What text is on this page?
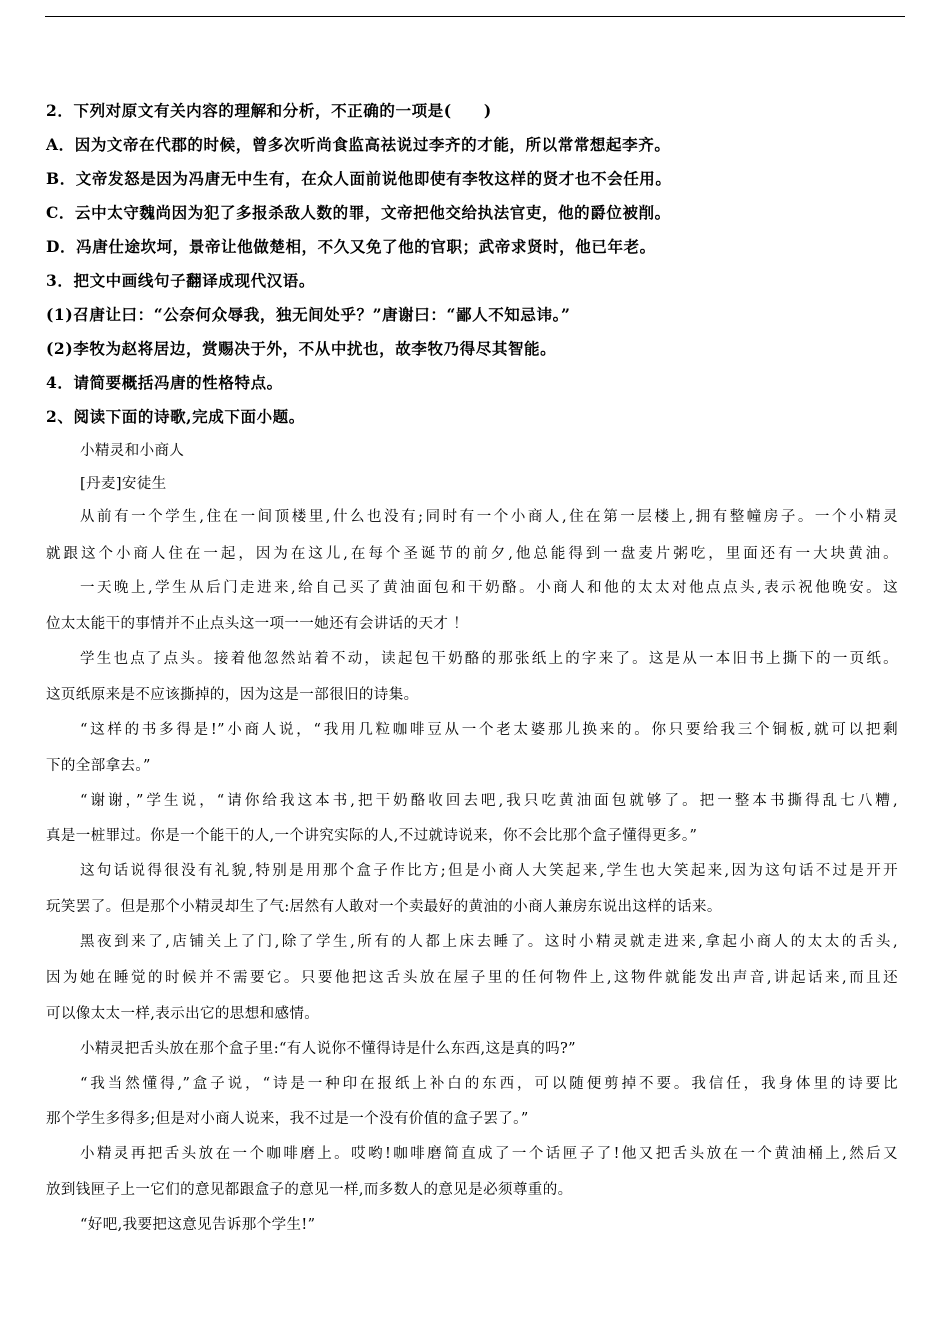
2．下列对原文有关内容的理解和分析，不正确的一项是(　　)
A．因为文帝在代郡的时候，曾多次听尚食监高祛说过李齐的才能，所以常常想起李齐。
B．文帝发怒是因为冯唐无中生有，在众人面前说他即使有李牧这样的贤才也不会任用。
C．云中太守魏尚因为犯了多报杀敌人数的罪，文帝把他交给执法官吏，他的爵位被削。
D．冯唐仕途坎坷，景帝让他做楚相，不久又免了他的官职；武帝求贤时，他已年老。
3．把文中画线句子翻译成现代汉语。
(1)召唐让曰：“公奈何众辱我，独无间处乎？”唐谢曰：“鄙人不知忌讳。”
(2)李牧为赵将居边，赏赐决于外，不从中扰也，故李牧乃得尽其智能。
4．请简要概括冯唐的性格特点。
2、阅读下面的诗歌,完成下面小题。
小精灵和小商人
[丹麦]安徒生
从前有一个学生,住在一间顶楼里,什么也没有;同时有一个小商人,住在第一层楼上,拥有整幢房子。一个小精灵
就跟这个小商人住在一起，因为在这儿,在每个圣诞节的前夕,他总能得到一盘麦片粥吃，里面还有一大块黄油。
一天晚上,学生从后门走进来,给自己买了黄油面包和干奶酪。小商人和他的太太对他点点头,表示祝他晚安。这
位太太能干的事情并不止点头这一项一一她还有会讲话的天才 ！
学生也点了点头。接着他忽然站着不动，读起包干奶酪的那张纸上的字来了。这是从一本旧书上撕下的一页纸。
这页纸原来是不应该撕掉的，因为这是一部很旧的诗集。
“这样的书多得是!”小商人说，“我用几粒咖啡豆从一个老太婆那儿换来的。你只要给我三个铜板,就可以把剩
下的全部拿去。”
“谢谢，”学生说，“请你给我这本书,把干奶酪收回去吧,我只吃黄油面包就够了。把一整本书撕得乱七八糟,
真是一桩罪过。你是一个能干的人,一个讲究实际的人,不过就诗说来，你不会比那个盒子懂得更多。”
这句话说得很没有礼貌,特别是用那个盒子作比方;但是小商人大笑起来,学生也大笑起来,因为这句话不过是开开
玩笑罢了。但是那个小精灵却生了气:居然有人敢对一个卖最好的黄油的小商人兼房东说出这样的话来。
黑夜到来了,店铺关上了门,除了学生,所有的人都上床去睡了。这时小精灵就走进来,拿起小商人的太太的舌头,
因为她在睡觉的时候并不需要它。只要他把这舌头放在屋子里的任何物件上,这物件就能发出声音,讲起话来,而且还
可以像太太一样,表示出它的思想和感情。
小精灵把舌头放在那个盒子里:“有人说你不懂得诗是什么东西,这是真的吗?”
“我当然懂得,”盒子说，“诗是一种印在报纸上补白的东西，可以随便剪掉不要。我信任，我身体里的诗要比
那个学生多得多;但是对小商人说来，我不过是一个没有价值的盒子罢了。”
小精灵再把舌头放在一个咖啡磨上。哎哟!咖啡磨简直成了一个话匣子了!他又把舌头放在一个黄油桶上,然后又
放到钱匣子上一它们的意见都跟盒子的意见一样,而多数人的意见是必须尊重的。
“好吧,我要把这意见告诉那个学生!”
